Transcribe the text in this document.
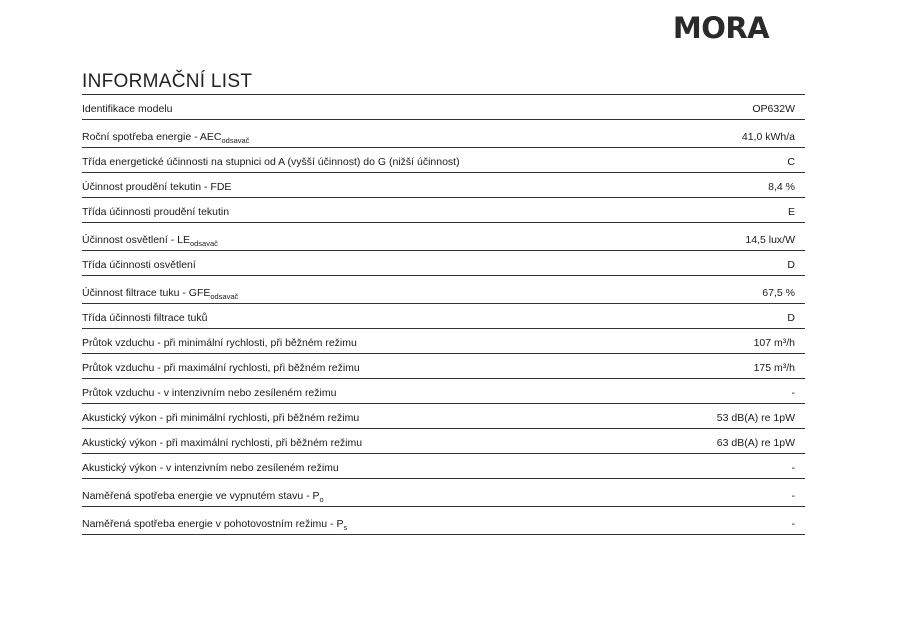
MORA
INFORMAČNÍ LIST
Identifikace modelu	OP632W
Roční spotřeba energie - $AEC_{odsavač}$	41,0 kWh/a
Třída energetické účinnosti na stupnici od A (vyšší účinnost) do G (nižší účinnost)	C
Účinnost proudění tekutin - FDE	8,4 %
Třída účinnosti proudění tekutin	E
Účinnost osvětlení - $LE_{odsavač}$	14,5 lux/W
Třída účinnosti osvětlení	D
Účinnost filtrace tuku - $GFE_{odsavač}$	67,5 %
Třída účinnosti filtrace tuků	D
Průtok vzduchu - při minimální rychlosti, při běžném režimu	107 m³/h
Průtok vzduchu - při maximální rychlosti, při běžném režimu	175 m³/h
Průtok vzduchu - v intenzivním nebo zesíleném režimu	-
Akustický výkon - při minimální rychlosti, při běžném režimu	53 dB(A) re 1pW
Akustický výkon - při maximální rychlosti, při běžném režimu	63 dB(A) re 1pW
Akustický výkon - v intenzivním nebo zesíleném režimu	-
Naměřená spotřeba energie ve vypnutém stavu - $P_o$	-
Naměřená spotřeba energie v pohotovostním režimu - $P_s$	-
